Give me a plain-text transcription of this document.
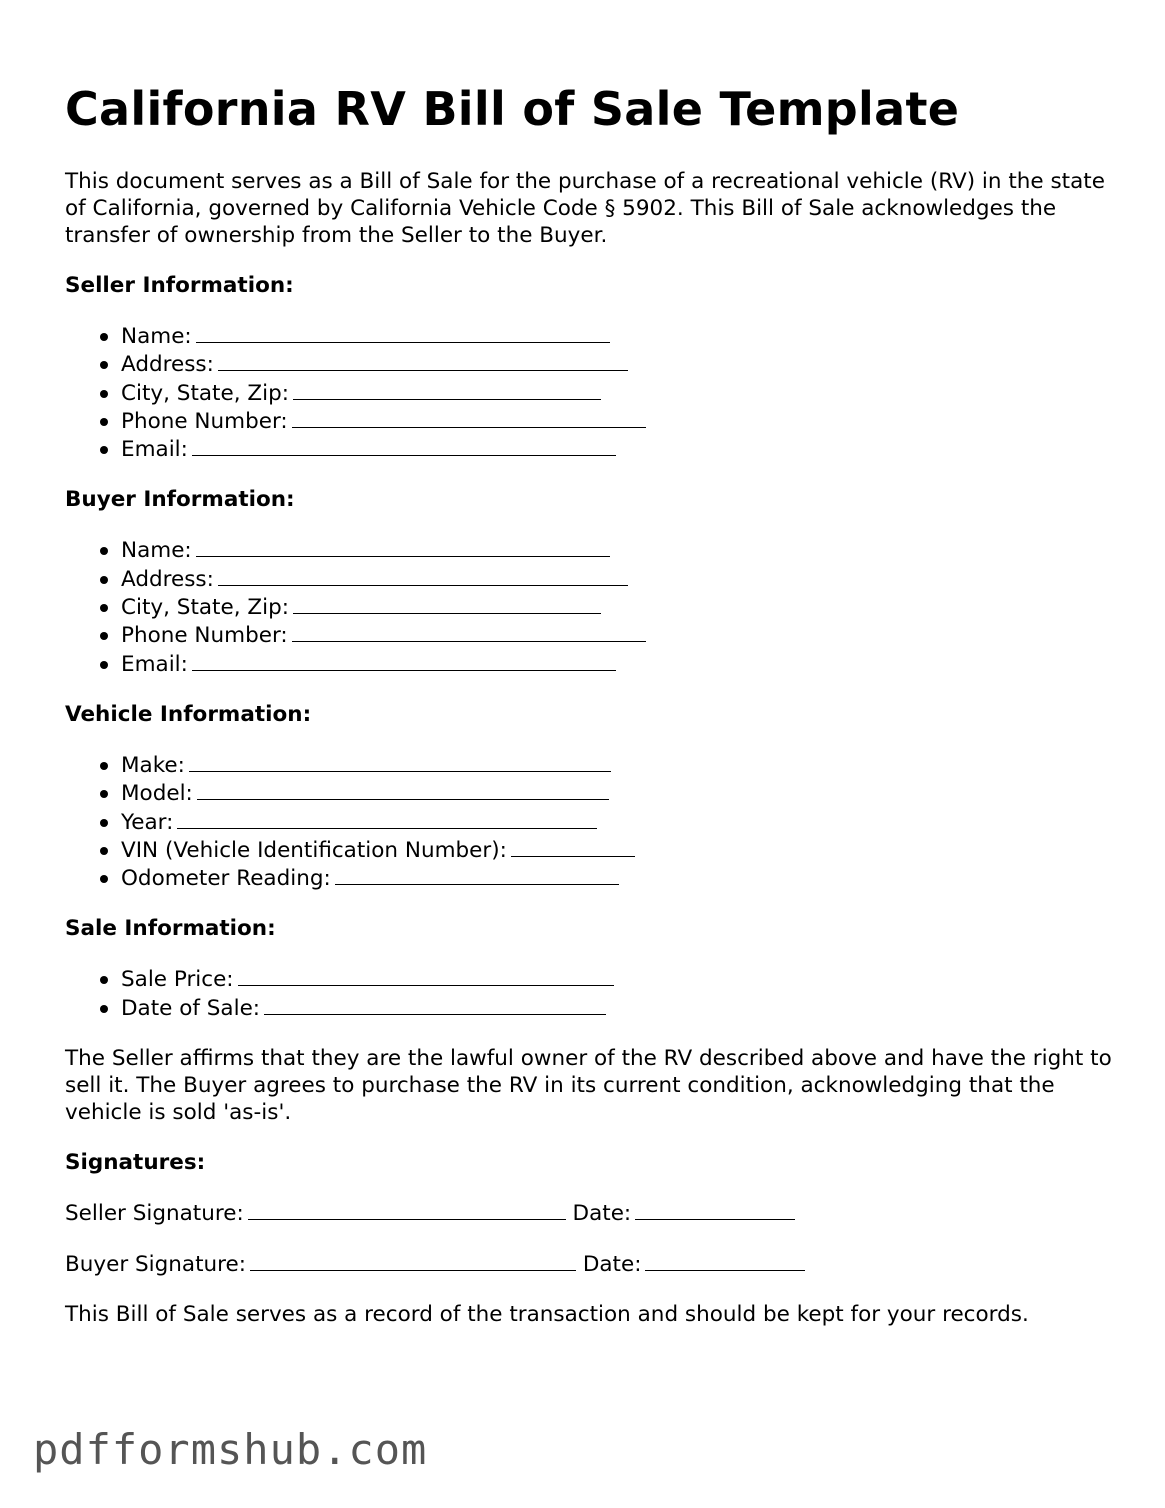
California RV Bill of Sale Template

This document serves as a Bill of Sale for the purchase of a recreational vehicle (RV) in the state of California, governed by California Vehicle Code § 5902. This Bill of Sale acknowledges the transfer of ownership from the Seller to the Buyer.

Seller Information:
Name:
Address:
City, State, Zip:
Phone Number:
Email:
Buyer Information:
Name:
Address:
City, State, Zip:
Phone Number:
Email:
Vehicle Information:
Make:
Model:
Year:
VIN (Vehicle Identification Number):
Odometer Reading:
Sale Information:
Sale Price:
Date of Sale:

The Seller affirms that they are the lawful owner of the RV described above and have the right to sell it. The Buyer agrees to purchase the RV in its current condition, acknowledging that the vehicle is sold 'as-is'.

Signatures:
Seller Signature:	Date:
Buyer Signature:	Date:

This Bill of Sale serves as a record of the transaction and should be kept for your records.

pdfformshub.com
